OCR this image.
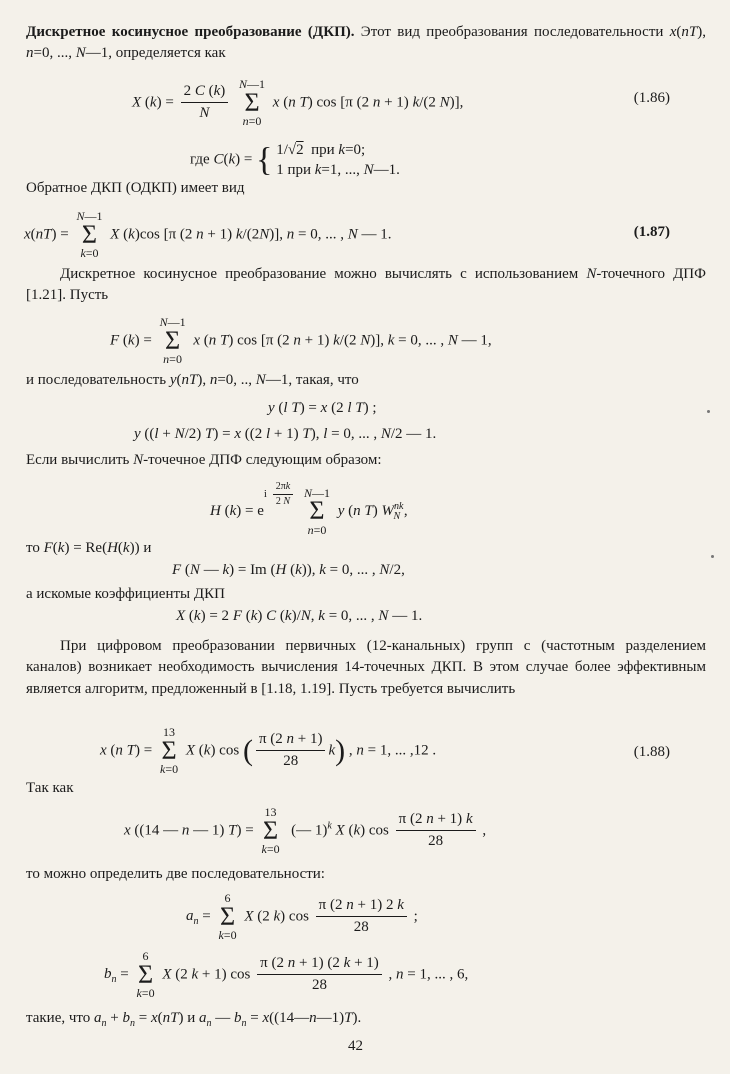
Дискретное косинусное преобразование (ДКП). Этот вид преобразования последовательности x(nT), n=0, ..., N—1, определяется как
X $(k) = \frac{2 C (k)}{N}$ N—1
Σ
n=0 x (n T) cos [π (2 n + 1) k/(2 N)],	(1.86)
где C(k) = { 1/√2  при k=0;
1 при k=1, ..., N—1.
Обратное ДКП (ОДКП) имеет вид
x(nT) = N—1
Σ
k=0 X (k)cos [π (2 n + 1) k/(2N)], n = 0, ... , N — 1.	(1.87)
Дискретное косинусное преобразование можно вычислять с использованием N-точечного ДПФ [1.21]. Пусть
F (k) = N—1
Σ
n=0 x (n T) cos [π (2 n + 1) k/(2 N)], k = 0, ... , N — 1,
и последовательность y(nT), n=0, .., N—1, такая, что
y (l T) = x (2 l T) ;
y ((l + N/2) T) = x ((2 l + 1) T), l = 0, ... , N/2 — 1.
Если вычислить N-точечное ДПФ следующим образом:
H $(k) = e^{i \frac{2\pi k}{2 N}}$ N—1
Σ
n=0 y (n T) $W^{nk}_N$ ,
то F(k) = Re(H(k)) и
F (N — k) = Im (H (k)), k = 0, ... , N/2,
а искомые коэффициенты ДКП
X (k) = 2 F (k) C (k)/N, k = 0, ... , N — 1.
При цифровом преобразовании первичных (12-канальных) групп с (частотным разделением каналов) возникает необходимость вычисления 14-точечных ДКП. В этом случае более эффективным является алгоритм, предложенный в [1.18, 1.19]. Пусть требуется вычислить
x (n T) = 13
Σ
k=0 X (k) cos ( $\frac{\pi (2 n + 1)}{28} k$) , n = 1, ... ,12 .	(1.88)
Так как
x ((14 — n — 1) T) = 13
Σ
k=0  (— 1)$^k$ X (k) $\cos \frac{\pi (2 n + 1) k}{28}$ ,
то можно определить две последовательности:
$a_n = 6$
Σ
k=0 X (2 k) $\cos \frac{\pi (2 n + 1) 2 k}{28}$ ;
$b_n = 6$
Σ
k=0 X (2 k + 1) $\cos \frac{\pi (2 n + 1) (2 k + 1)}{28}$ , n = 1, ... , 6,
такие, что $a_n + b_n = x(nT)$ и $a_n$ — $b_n$ = x((14—n—1)T).
42
